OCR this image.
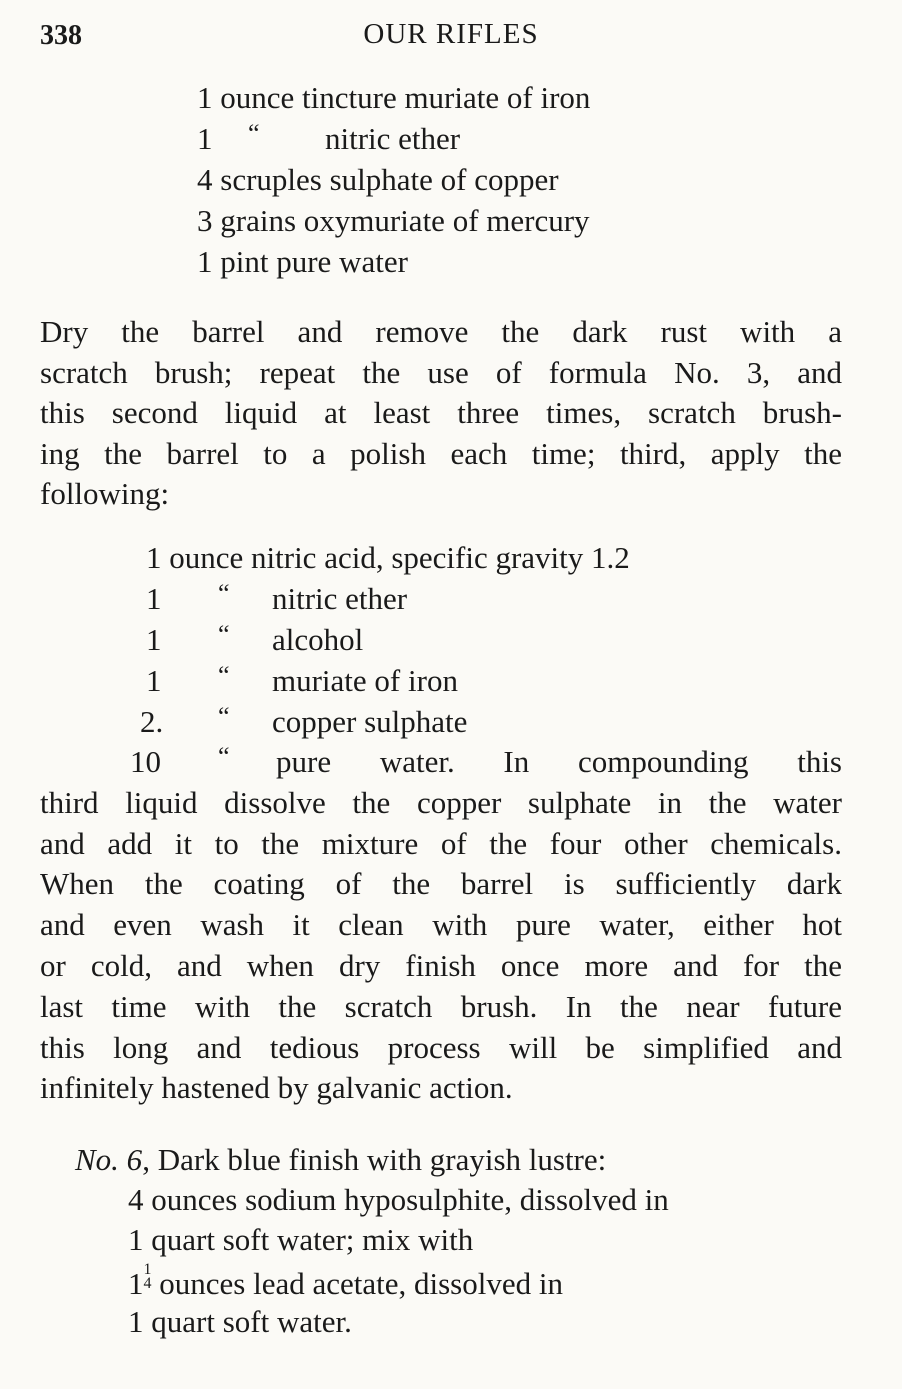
338	OUR RIFLES
1 ounce tincture muriate of iron
1 “ nitric ether
4 scruples sulphate of copper
3 grains oxymuriate of mercury
1 pint pure water
Dry the barrel and remove the dark rust with a
scratch brush; repeat the use of formula No. 3, and
this second liquid at least three times, scratch brush-
ing the barrel to a polish each time; third, apply the
following:
1 ounce nitric acid, specific gravity 1.2
1 “ nitric ether
1 “ alcohol
1 “ muriate of iron
2. “ copper sulphate
10 “ pure water. In compounding this
third liquid dissolve the copper sulphate in the water
and add it to the mixture of the four other chemicals.
When the coating of the barrel is sufficiently dark
and even wash it clean with pure water, either hot
or cold, and when dry finish once more and for the
last time with the scratch brush. In the near future
this long and tedious process will be simplified and
infinitely hastened by galvanic action.
No. 6, Dark blue finish with grayish lustre:
4 ounces sodium hyposulphite, dissolved in
1 quart soft water; mix with
1 1
4 ounces lead acetate, dissolved in
1 quart soft water.
